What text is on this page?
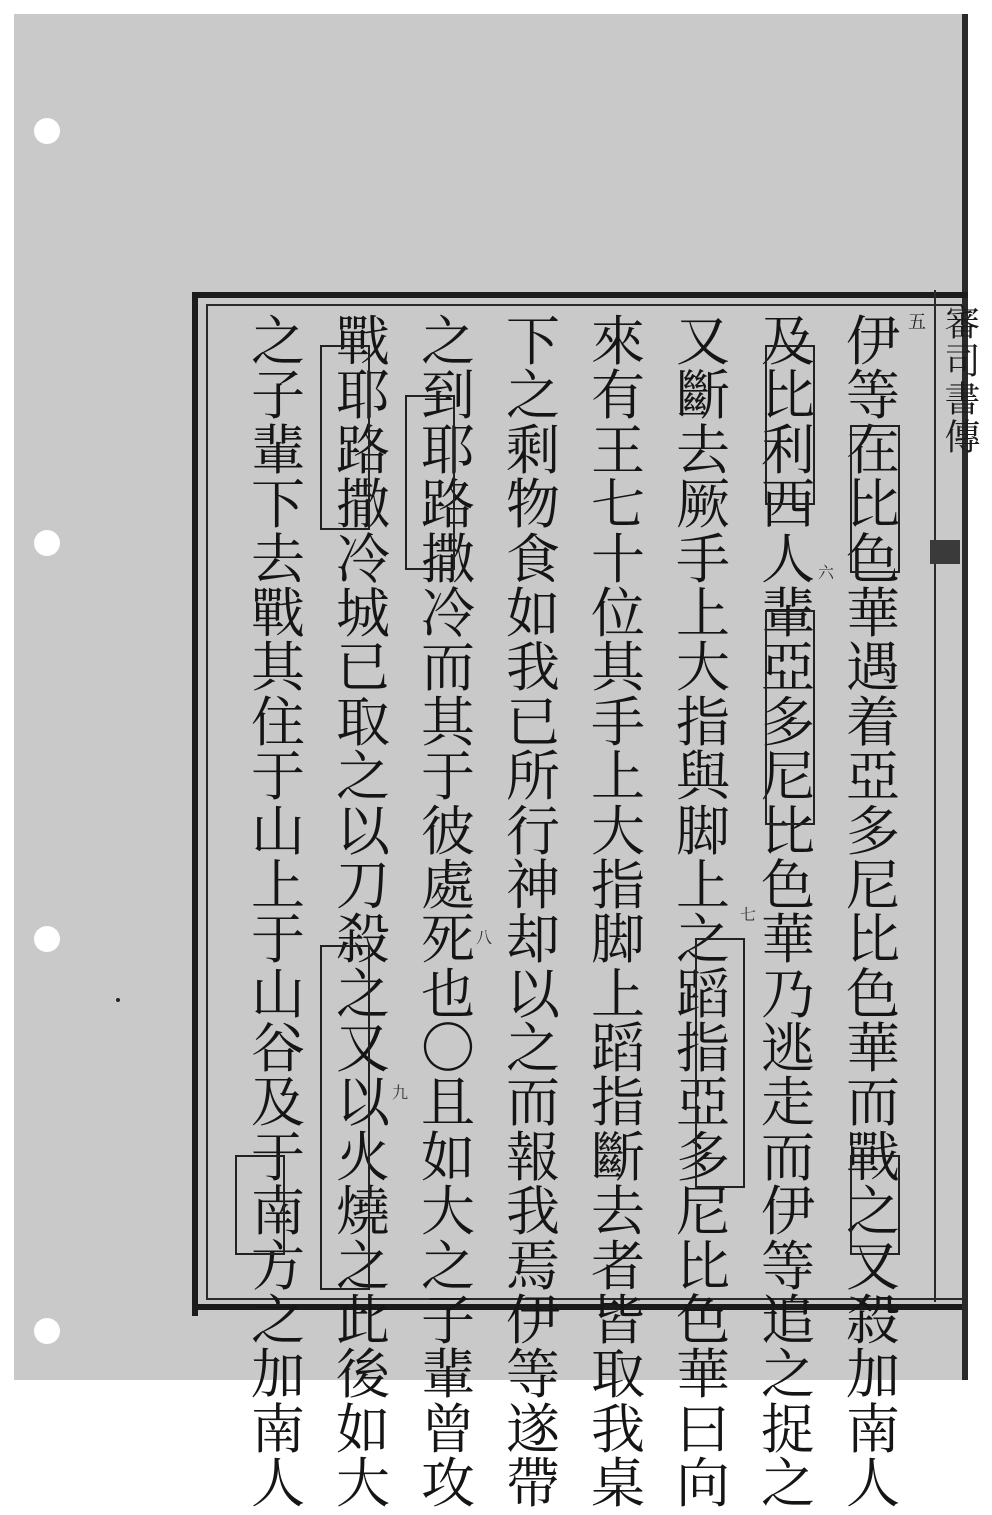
審司書傳
五
伊
等
在
比
色
華
遇
着
亞
多
尼
比
色
華
而
戰
之
又
殺
加
南
人
及
比
利
西
人
輩
亞
多
尼
比
色
華
乃
逃
走
而
伊
等
追
之
捉
之
又
斷
去
厥
手
上
大
指
與
脚
上
之
蹈
指
亞
多
尼
比
色
華
曰
向
來
有
王
七
十
位
其
手
上
大
指
脚
上
蹈
指
斷
去
者
皆
取
我
桌
下
之
剩
物
食
如
我
已
所
行
神
却
以
之
而
報
我
焉
伊
等
遂
帶
之
到
耶
路
撒
冷
而
其
于
彼
處
死
也
〇
且
如
大
之
子
輩
曾
攻
戰
耶
路
撒
冷
城
已
取
之
以
刀
殺
之
又
以
火
燒
之
此
後
如
大
之
子
輩
下
去
戰
其
住
于
山
上
于
山
谷
及
于
南
方
之
加
南
人
六
七
八
九
